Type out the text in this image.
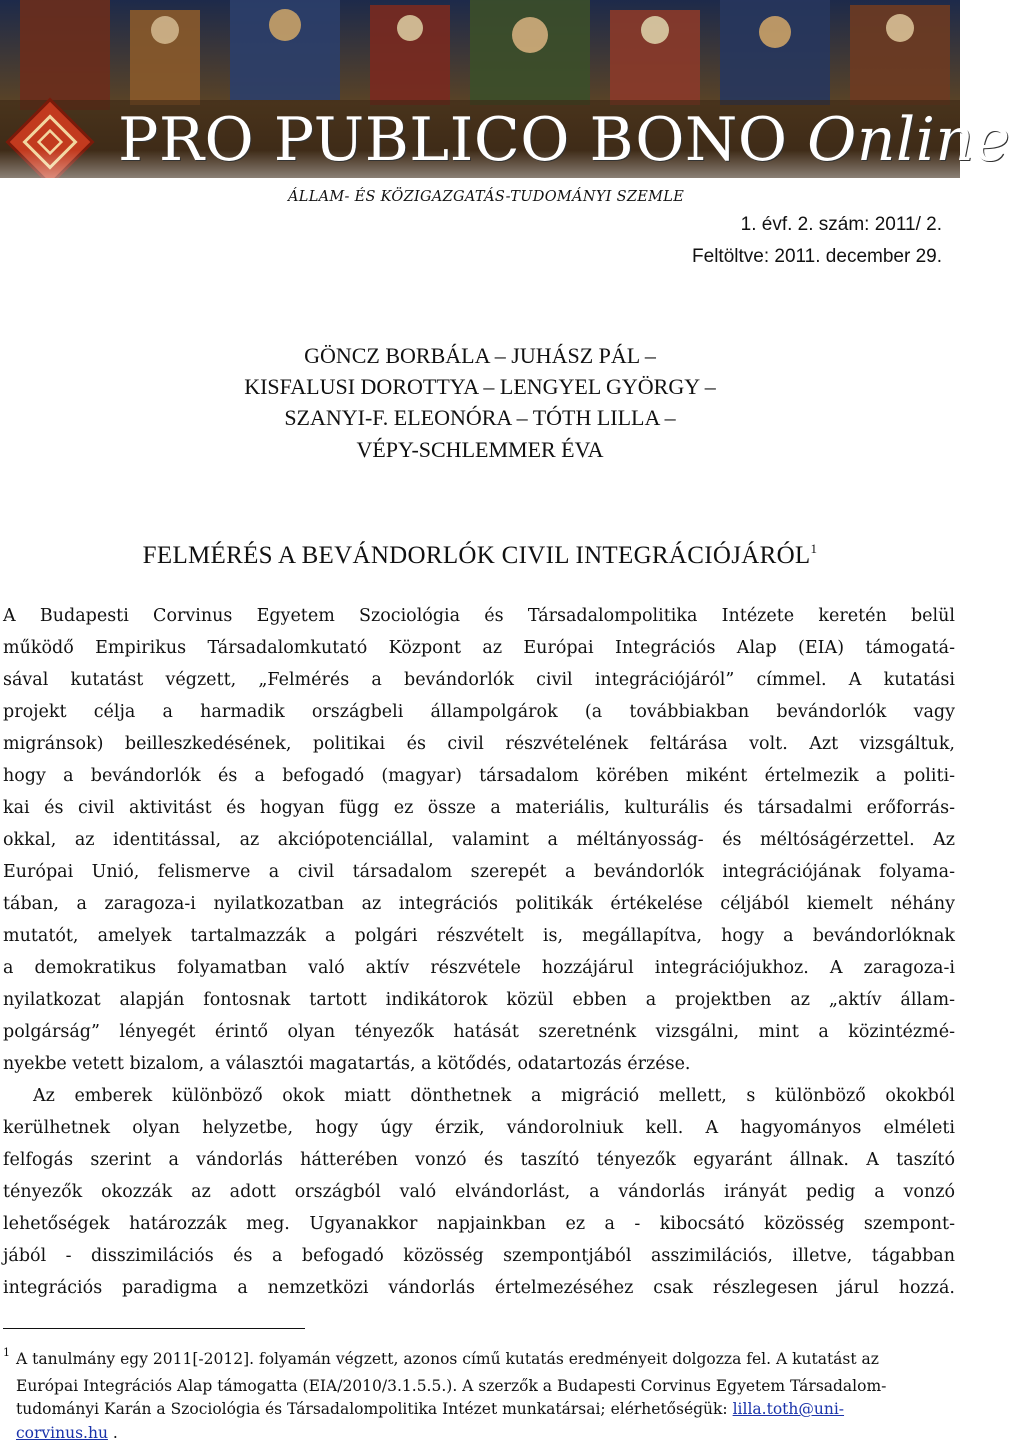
PRO PUBLICO BONO Online
ÁLLAM- ÉS KÖZIGAZGATÁS-TUDOMÁNYI SZEMLE
1. évf. 2. szám: 2011/ 2.
Feltöltve: 2011. december 29.
GÖNCZ BORBÁLA – JUHÁSZ PÁL –
KISFALUSI DOROTTYA – LENGYEL GYÖRGY –
SZANYI-F. ELEONÓRA – TÓTH LILLA –
VÉPY-SCHLEMMER ÉVA
FELMÉRÉS A BEVÁNDORLÓK CIVIL INTEGRÁCIÓJÁRÓL$^1$
A Budapesti Corvinus Egyetem Szociológia és Társadalompolitika Intézete keretén belül
működő Empirikus Társadalomkutató Központ az Európai Integrációs Alap (EIA) támogatá-
sával kutatást végzett, „Felmérés a bevándorlók civil integrációjáról” címmel. A kutatási
projekt célja a harmadik országbeli állampolgárok (a továbbiakban bevándorlók vagy
migránsok) beilleszkedésének, politikai és civil részvételének feltárása volt. Azt vizsgáltuk,
hogy a bevándorlók és a befogadó (magyar) társadalom körében miként értelmezik a politi-
kai és civil aktivitást és hogyan függ ez össze a materiális, kulturális és társadalmi erőforrás-
okkal, az identitással, az akciópotenciállal, valamint a méltányosság- és méltóságérzettel. Az
Európai Unió, felismerve a civil társadalom szerepét a bevándorlók integrációjának folyama-
tában, a zaragoza-i nyilatkozatban az integrációs politikák értékelése céljából kiemelt néhány
mutatót, amelyek tartalmazzák a polgári részvételt is, megállapítva, hogy a bevándorlóknak
a demokratikus folyamatban való aktív részvétele hozzájárul integrációjukhoz. A zaragoza-i
nyilatkozat alapján fontosnak tartott indikátorok közül ebben a projektben az „aktív állam-
polgárság” lényegét érintő olyan tényezők hatását szeretnénk vizsgálni, mint a közintézmé-
nyekbe vetett bizalom, a választói magatartás, a kötődés, odatartozás érzése.
Az emberek különböző okok miatt dönthetnek a migráció mellett, s különböző okokból
kerülhetnek olyan helyzetbe, hogy úgy érzik, vándorolniuk kell. A hagyományos elméleti
felfogás szerint a vándorlás hátterében vonzó és taszító tényezők egyaránt állnak. A taszító
tényezők okozzák az adott országból való elvándorlást, a vándorlás irányát pedig a vonzó
lehetőségek határozzák meg. Ugyanakkor napjainkban ez a - kibocsátó közösség szempont-
jából - disszimilációs és a befogadó közösség szempontjából asszimilációs, illetve, tágabban
integrációs paradigma a nemzetközi vándorlás értelmezéséhez csak részlegesen járul hozzá.
1 A tanulmány egy 2011[-2012]. folyamán végzett, azonos című kutatás eredményeit dolgozza fel. A kutatást az
Európai Integrációs Alap támogatta (EIA/2010/3.1.5.5.). A szerzők a Budapesti Corvinus Egyetem Társadalom-
tudományi Karán a Szociológia és Társadalompolitika Intézet munkatársai; elérhetőségük: lilla.toth@uni-
corvinus.hu .
